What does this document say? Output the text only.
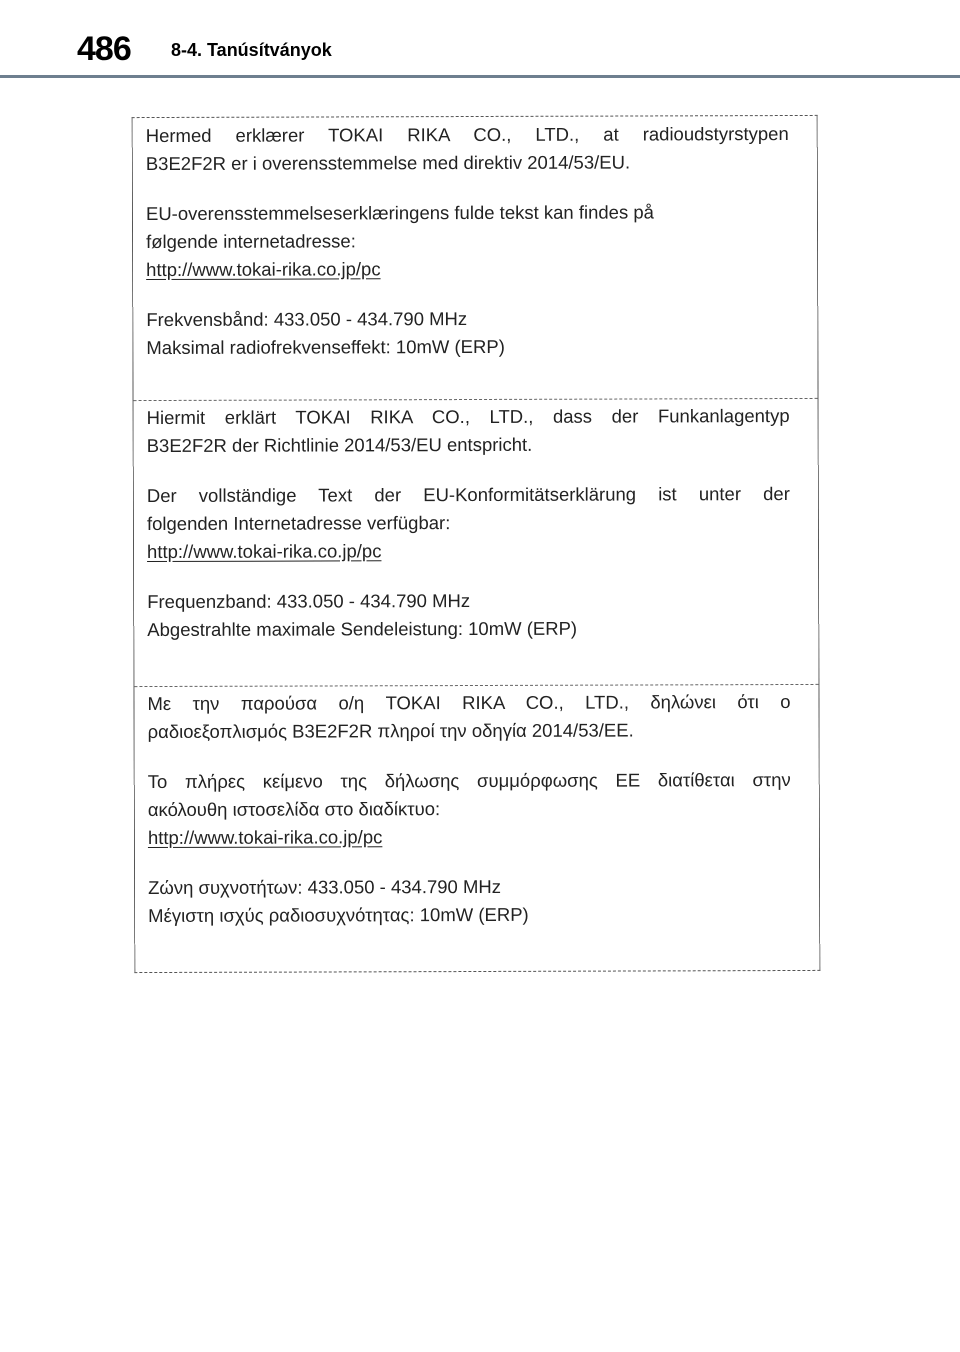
486 8-4. Tanúsítványok

Hermed erklærer TOKAI RIKA CO., LTD., at radioudstyrstypen

B3E2F2R er i overensstemmelse med direktiv 2014/53/EU.

EU-overensstemmelseserklæringens fulde tekst kan findes på

følgende internetadresse:

http://www.tokai-rika.co.jp/pc

Frekvensbånd: 433.050 - 434.790 MHz

Maksimal radiofrekvenseffekt: 10mW (ERP)

Hiermit erklärt TOKAI RIKA CO., LTD., dass der Funkanlagentyp

B3E2F2R der Richtlinie 2014/53/EU entspricht.

Der vollständige Text der EU-Konformitätserklärung ist unter der

folgenden Internetadresse verfügbar:

http://www.tokai-rika.co.jp/pc

Frequenzband: 433.050 - 434.790 MHz

Abgestrahlte maximale Sendeleistung: 10mW (ERP)

Με την παρούσα ο/η TOKAI RIKA CO., LTD., δηλώνει ότι ο

ραδιοεξοπλισμός B3E2F2R πληροί την οδηγία 2014/53/ΕΕ.

Το πλήρες κείμενο της δήλωσης συμμόρφωσης ΕΕ διατίθεται στην

ακόλουθη ιστοσελίδα στο διαδίκτυο:

http://www.tokai-rika.co.jp/pc

Ζώνη συχνοτήτων: 433.050 - 434.790 MHz

Μέγιστη ισχύς ραδιοσυχνότητας: 10mW (ERP)
